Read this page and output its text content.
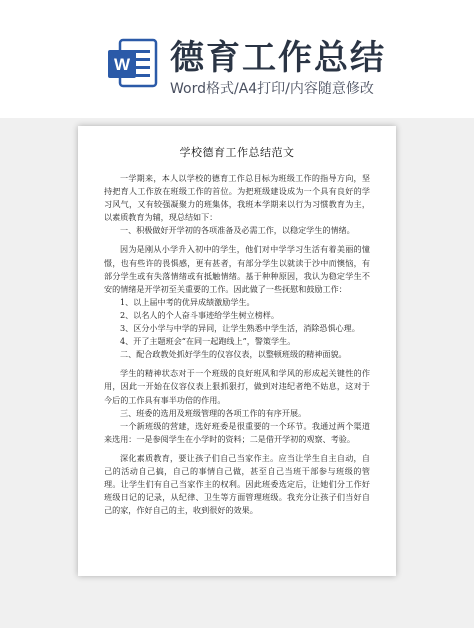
W 德育工作总结
Word格式/A4打印/内容随意修改
学校德育工作总结范文

一学期来，本人以学校的德育工作总目标为班级工作的指导方向，坚持把育人工作放在班级工作的首位。为把班级建设成为一个具有良好的学习风气，又有较强凝聚力的班集体，我班本学期来以行为习惯教育为主，以素质教育为辅，现总结如下：

一、积极做好开学初的各项准备及必需工作，以稳定学生的情绪。

因为是刚从小学升入初中的学生，他们对中学学习生活有着美丽的憧憬，也有些许的畏惧感，更有甚者，有部分学生以就读于沙中而懊恼，有部分学生或有失落情绪或有抵触情绪。基于种种原因，我认为稳定学生不安的情绪是开学初至关重要的工作。因此做了一些抚慰和鼓励工作：

1、以上届中考的优异成绩激励学生。

2、以名人的个人奋斗事迹给学生树立榜样。

3、区分小学与中学的异同，让学生熟悉中学生活，消除恐惧心理。

4、开了主题班会“在同一起跑线上”，警策学生。

二、配合政教处抓好学生的仪容仪表，以整顿班级的精神面貌。

学生的精神状态对于一个班级的良好班风和学风的形成起关键性的作用，因此一开始在仪容仪表上狠抓狠打，做到对违纪者绝不姑息，这对于今后的工作具有事半功倍的作用。

三、班委的选用及班级管理的各项工作的有序开展。

一个新班级的营建，选好班委是很重要的一个环节。我通过两个渠道来选用：一是参阅学生在小学时的资料；二是借开学初的观察、考验。

深化素质教育，要让孩子们自己当家作主。应当让学生自主自动，自己的活动自己搞，自己的事情自己做，甚至自己当班干部参与班级的管理。让学生们有自己当家作主的权利。因此班委选定后，让她们分工作好班级日记的记录，从纪律、卫生等方面管理班级。我充分让孩子们当好自己的家，作好自己的主，收到很好的效果。
